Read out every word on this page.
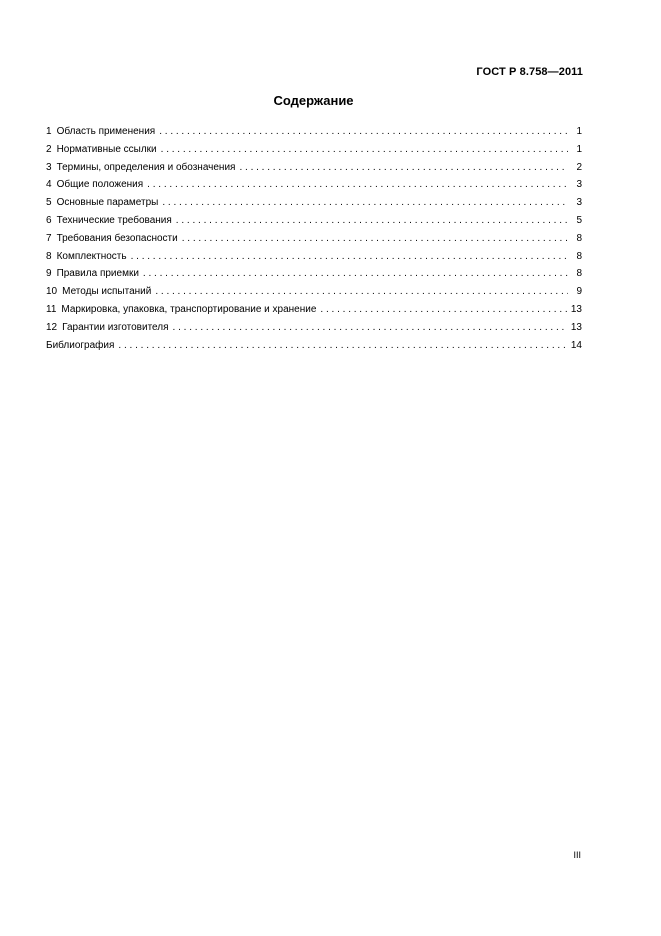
ГОСТ Р 8.758—2011
Содержание
1 Область применения . . .	1
2 Нормативные ссылки . . .	1
3 Термины, определения и обозначения . . .	2
4 Общие положения . . .	3
5 Основные параметры . . .	3
6 Технические требования . . .	5
7 Требования безопасности . . .	8
8 Комплектность . . .	8
9 Правила приемки . . .	8
10 Методы испытаний . . .	9
11 Маркировка, упаковка, транспортирование и хранение . . .	13
12 Гарантии изготовителя . . .	13
Библиография . . .	14
III
